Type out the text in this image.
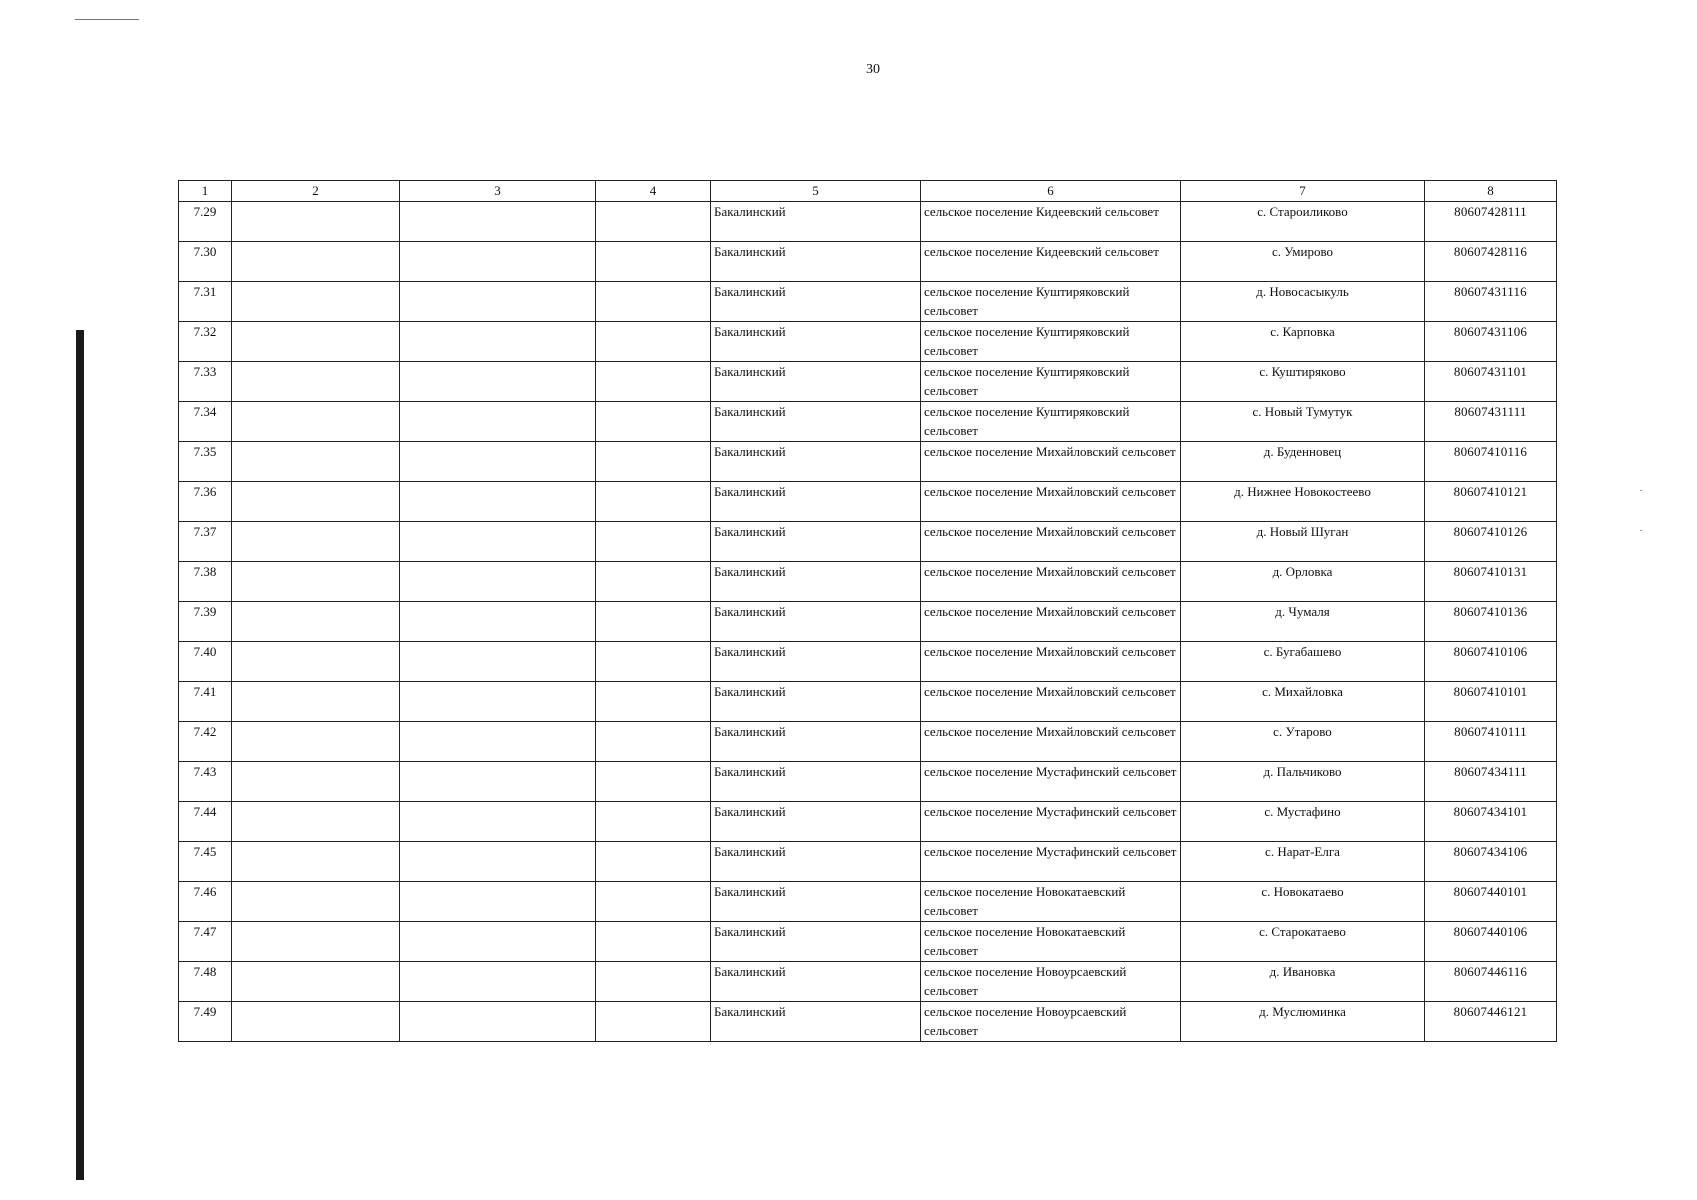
30
1	2	3	4	5	6	7	8
7.29				Бакалинский	сельское поселение Кидеевский сельсовет	с. Староиликово	80607428111
7.30				Бакалинский	сельское поселение Кидеевский сельсовет	с. Умирово	80607428116
7.31				Бакалинский	сельское поселение Куштиряковский сельсовет	д. Новосасыкуль	80607431116
7.32				Бакалинский	сельское поселение Куштиряковский сельсовет	с. Карповка	80607431106
7.33				Бакалинский	сельское поселение Куштиряковский сельсовет	с. Куштиряково	80607431101
7.34				Бакалинский	сельское поселение Куштиряковский сельсовет	с. Новый Тумутук	80607431111
7.35				Бакалинский	сельское поселение Михайловский сельсовет	д. Буденновец	80607410116
7.36				Бакалинский	сельское поселение Михайловский сельсовет	д. Нижнее Новокостеево	80607410121
7.37				Бакалинский	сельское поселение Михайловский сельсовет	д. Новый Шуган	80607410126
7.38				Бакалинский	сельское поселение Михайловский сельсовет	д. Орловка	80607410131
7.39				Бакалинский	сельское поселение Михайловский сельсовет	д. Чумаля	80607410136
7.40				Бакалинский	сельское поселение Михайловский сельсовет	с. Бугабашево	80607410106
7.41				Бакалинский	сельское поселение Михайловский сельсовет	с. Михайловка	80607410101
7.42				Бакалинский	сельское поселение Михайловский сельсовет	с. Утарово	80607410111
7.43				Бакалинский	сельское поселение Мустафинский сельсовет	д. Пальчиково	80607434111
7.44				Бакалинский	сельское поселение Мустафинский сельсовет	с. Мустафино	80607434101
7.45				Бакалинский	сельское поселение Мустафинский сельсовет	с. Нарат-Елга	80607434106
7.46				Бакалинский	сельское поселение Новокатаевский сельсовет	с. Новокатаево	80607440101
7.47				Бакалинский	сельское поселение Новокатаевский сельсовет	с. Старокатаево	80607440106
7.48				Бакалинский	сельское поселение Новоурсаевский сельсовет	д. Ивановка	80607446116
7.49				Бакалинский	сельское поселение Новоурсаевский сельсовет	д. Муслюминка	80607446121
